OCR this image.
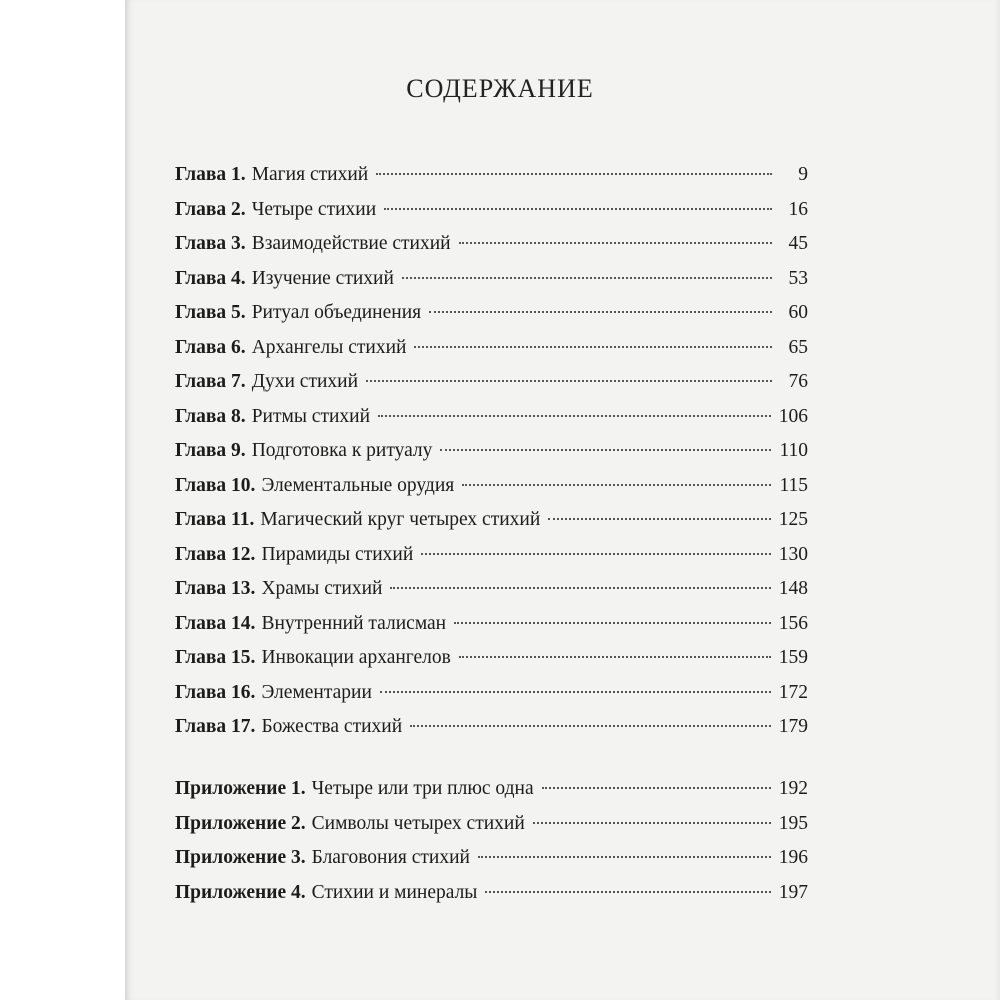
СОДЕРЖАНИЕ
Глава 1. Магия стихий	9
Глава 2. Четыре стихии	16
Глава 3. Взаимодействие стихий	45
Глава 4. Изучение стихий	53
Глава 5. Ритуал объединения	60
Глава 6. Архангелы стихий	65
Глава 7. Духи стихий	76
Глава 8. Ритмы стихий	106
Глава 9. Подготовка к ритуалу	110
Глава 10. Элементальные орудия	115
Глава 11. Магический круг четырех стихий	125
Глава 12. Пирамиды стихий	130
Глава 13. Храмы стихий	148
Глава 14. Внутренний талисман	156
Глава 15. Инвокации архангелов	159
Глава 16. Элементарии	172
Глава 17. Божества стихий	179
Приложение 1. Четыре или три плюс одна	192
Приложение 2. Символы четырех стихий	195
Приложение 3. Благовония стихий	196
Приложение 4. Стихии и минералы	197
